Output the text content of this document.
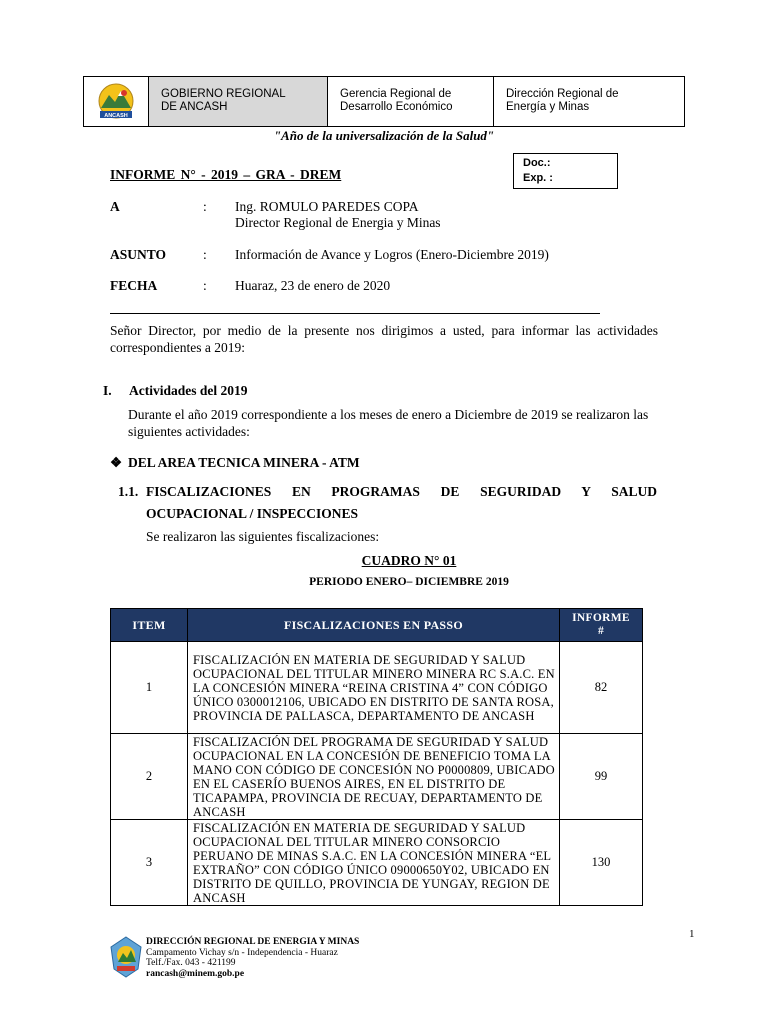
ANCASH
GOBIERNO REGIONAL
DE ANCASH
Gerencia Regional de
Desarrollo Económico
Dirección Regional de
Energía y Minas
"Año de la universalización de la Salud"
Doc.:
Exp. :
INFORME N° - 2019 – GRA - DREM
A	: Ing. ROMULO PAREDES COPA
Director Regional de Energia y Minas
ASUNTO	: Información de Avance y Logros (Enero-Diciembre 2019)
FECHA	: Huaraz, 23 de enero de 2020
Señor Director, por medio de la presente nos dirigimos a usted, para informar las actividades correspondientes a 2019:
I. Actividades del 2019
Durante el año 2019 correspondiente a los meses de enero a Diciembre de 2019 se realizaron las siguientes actividades:
❖ DEL AREA TECNICA MINERA - ATM
1.1. FISCALIZACIONES EN PROGRAMAS DE SEGURIDAD Y SALUD
OCUPACIONAL / INSPECCIONES
Se realizaron las siguientes fiscalizaciones:
CUADRO N° 01
PERIODO ENERO– DICIEMBRE 2019
ITEM	FISCALIZACIONES EN PASSO	INFORME
#
1	FISCALIZACIÓN EN MATERIA DE SEGURIDAD Y SALUD OCUPACIONAL DEL TITULAR MINERO MINERA RC S.A.C. EN LA CONCESIÓN MINERA “REINA CRISTINA 4” CON CÓDIGO ÚNICO 0300012106, UBICADO EN DISTRITO DE SANTA ROSA, PROVINCIA DE PALLASCA, DEPARTAMENTO DE ANCASH	82
2	FISCALIZACIÓN DEL PROGRAMA DE SEGURIDAD Y SALUD OCUPACIONAL EN LA CONCESIÓN DE BENEFICIO TOMA LA MANO CON CÓDIGO DE CONCESIÓN NO P0000809, UBICADO EN EL CASERÍO BUENOS AIRES, EN EL DISTRITO DE TICAPAMPA, PROVINCIA DE RECUAY, DEPARTAMENTO DE ANCASH	99
3	FISCALIZACIÓN EN MATERIA DE SEGURIDAD Y SALUD OCUPACIONAL DEL TITULAR MINERO CONSORCIO PERUANO DE MINAS S.A.C. EN LA CONCESIÓN MINERA “EL EXTRAÑO” CON CÓDIGO ÚNICO 09000650Y02, UBICADO EN DISTRITO DE QUILLO, PROVINCIA DE YUNGAY, REGION DE ANCASH	130
DIRECCIÓN REGIONAL DE ENERGIA Y MINAS
Campamento Vichay s/n - Independencia - Huaraz
Telf./Fax. 043 - 421199
rancash@minem.gob.pe
1
